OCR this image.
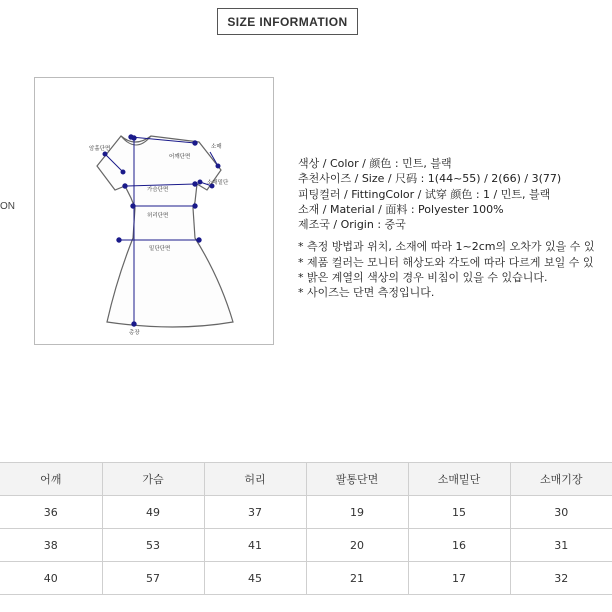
SIZE INFORMATION
ON
어깨단면
암홀단면	소매
소매밑단
가슴단면
허리단면
밑단단면
총장
색상 / Color / 颜色 : 민트, 블랙
추천사이즈 / Size / 尺码 : 1(44~55) / 2(66) / 3(77)
피팅컬러 / FittingColor / 试穿 颜色 : 1 / 민트, 블랙
소재 / Material / 面料 : Polyester 100%
제조국 / Origin : 중국
* 측정 방법과 위치, 소재에 따라 1~2cm의 오차가 있을 수 있
* 제품 컬러는 모니터 해상도와 각도에 따라 다르게 보일 수 있
* 밝은 계열의 색상의 경우 비침이 있을 수 있습니다.
* 사이즈는 단면 측정입니다.
어깨	가슴	허리	팔통단면	소매밑단	소매기장
36	49	37	19	15	30
38	53	41	20	16	31
40	57	45	21	17	32
